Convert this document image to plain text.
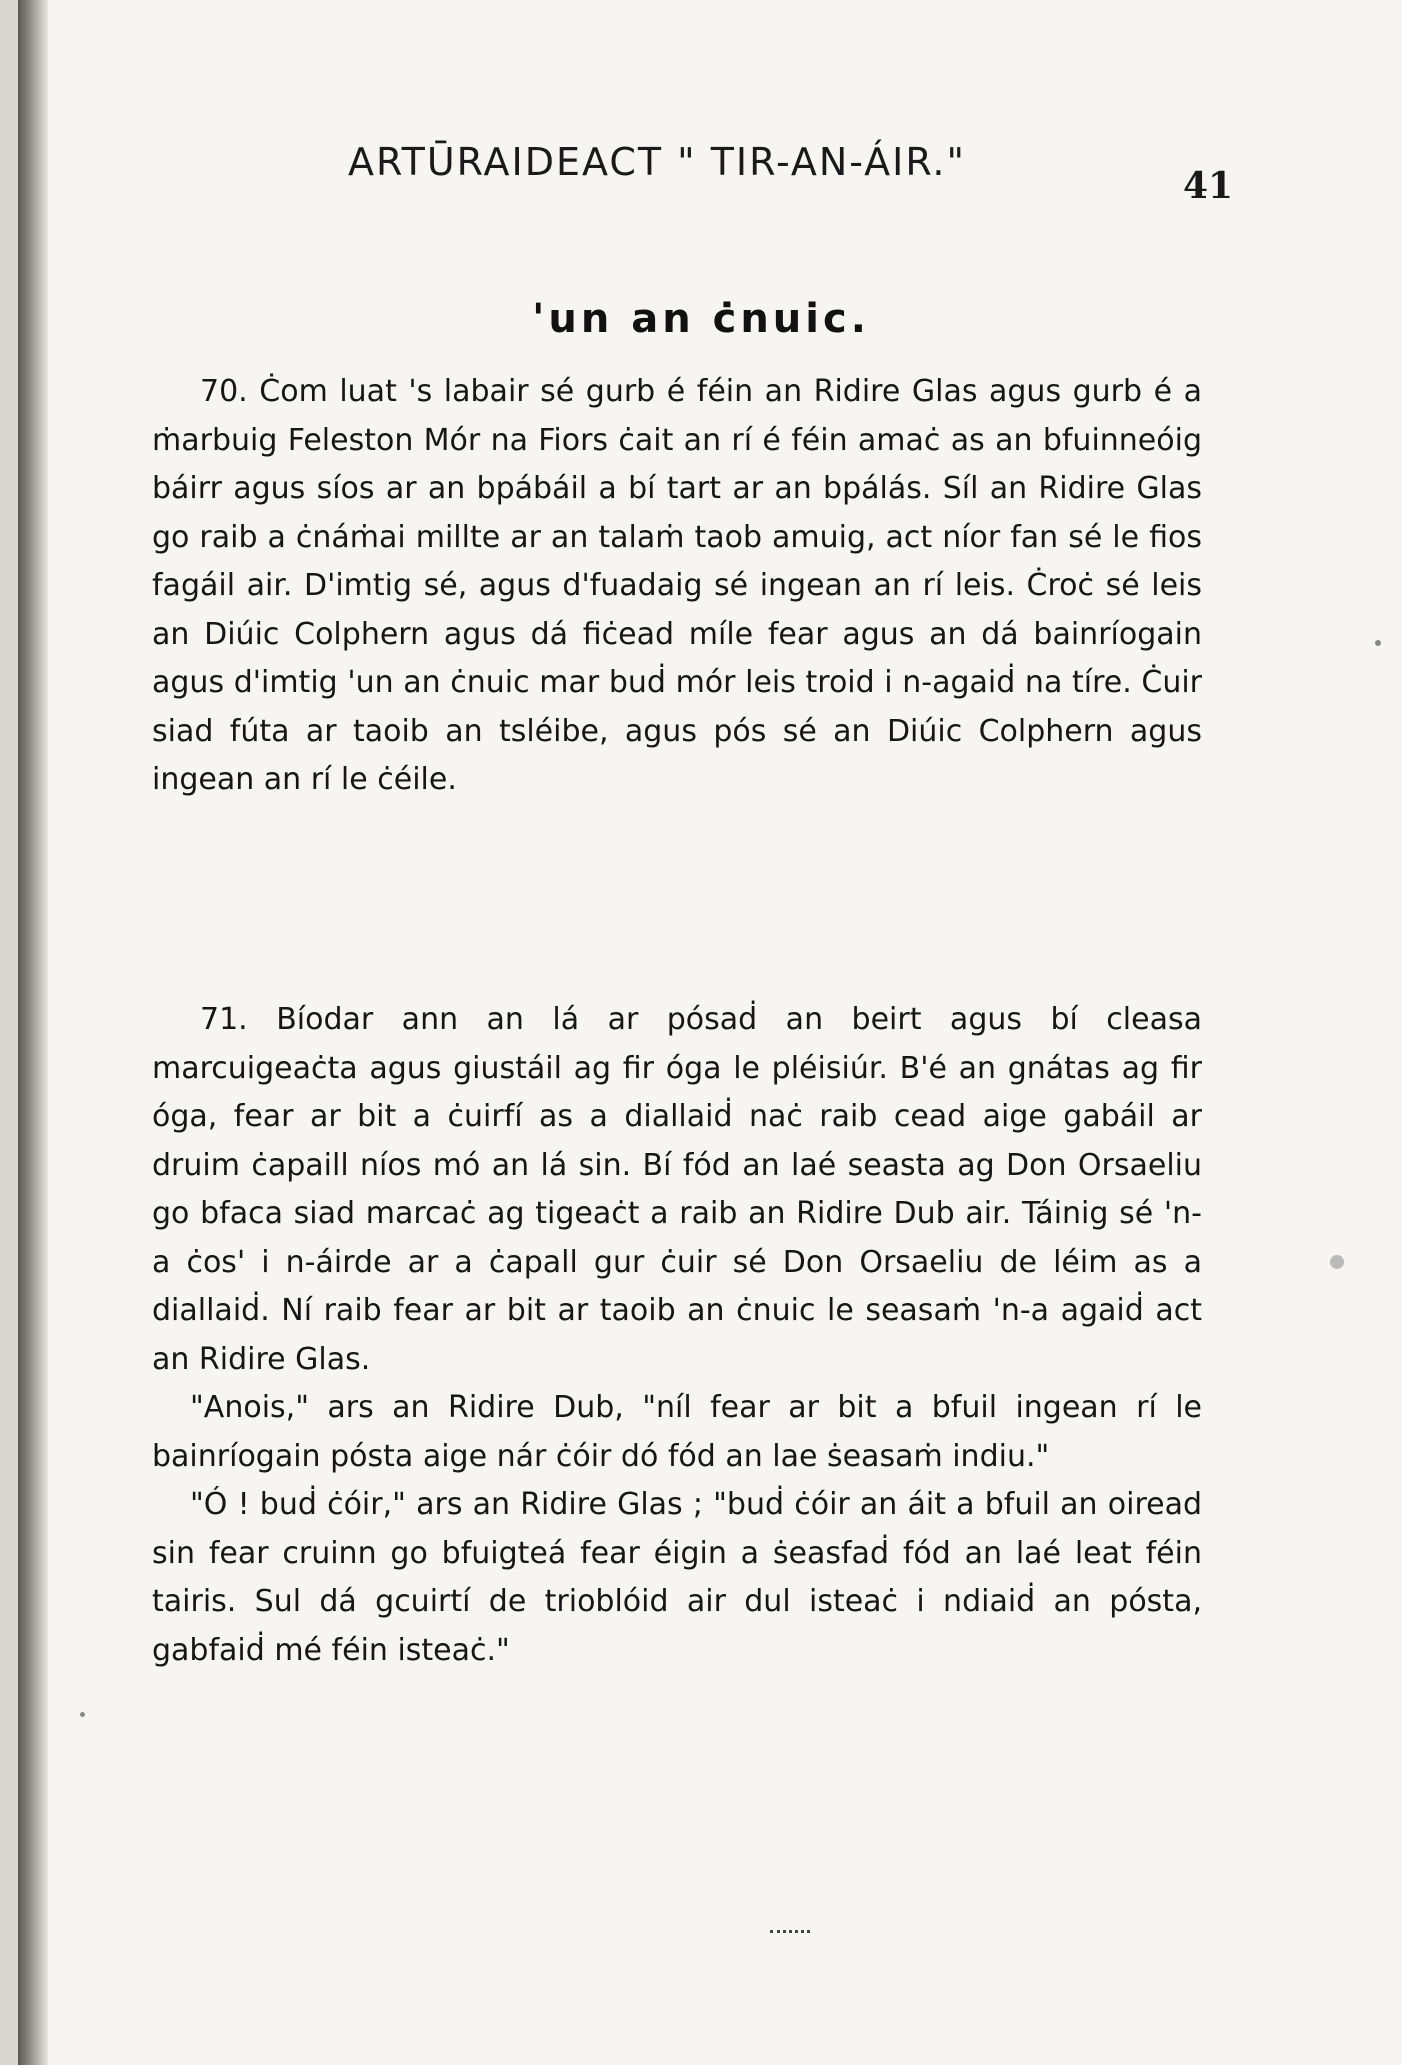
ARTŪRAIDEACT " TIR-AN-ÁIR."
41
'un an ċnuic.

70. Ċom luat 's labair sé gurb é féin an Ridire Glas agus gurb é a ṁarbuig Feleston Mór na Fiors ċait an rí é féin amaċ as an bfuinneóig báirr agus síos ar an bpábáil a bí tart ar an bpálás. Síl an Ridire Glas go raib a ċnáṁai millte ar an talaṁ taob amuig, act níor fan sé le fios fagáil air. D'imtig sé, agus d'fuadaig sé ingean an rí leis. Ċroċ sé leis an Diúic Colphern agus dá fiċead míle fear agus an dá bainríogain agus d'imtig 'un an ċnuic mar buḋ mór leis troid i n-agaiḋ na tíre. Ċuir siad fúta ar taoib an tsléibe, agus pós sé an Diúic Colphern agus ingean an rí le ċéile.

71. Bíodar ann an lá ar pósaḋ an beirt agus bí cleasa marcuigeaċta agus giustáil ag fir óga le pléisiúr. B'é an gnátas ag fir óga, fear ar bit a ċuirfí as a diallaiḋ naċ raib cead aige gabáil ar druim ċapaill níos mó an lá sin. Bí fód an laé seasta ag Don Orsaeliu go bfaca siad marcaċ ag tigeaċt a raib an Ridire Dub air. Táinig sé 'n-a ċos' i n-áirde ar a ċapall gur ċuir sé Don Orsaeliu de léim as a diallaiḋ. Ní raib fear ar bit ar taoib an ċnuic le seasaṁ 'n-a agaiḋ act an Ridire Glas.

"Anois," ars an Ridire Dub, "níl fear ar bit a bfuil ingean rí le bainríogain pósta aige nár ċóir dó fód an lae ṡeasaṁ indiu."

"Ó ! buḋ ċóir," ars an Ridire Glas ; "buḋ ċóir an áit a bfuil an oiread sin fear cruinn go bfuigteá fear éigin a ṡeasfaḋ fód an laé leat féin tairis. Sul dá gcuirtí de trioblóid air dul isteaċ i ndiaiḋ an pósta, gabfaiḋ mé féin isteaċ."
